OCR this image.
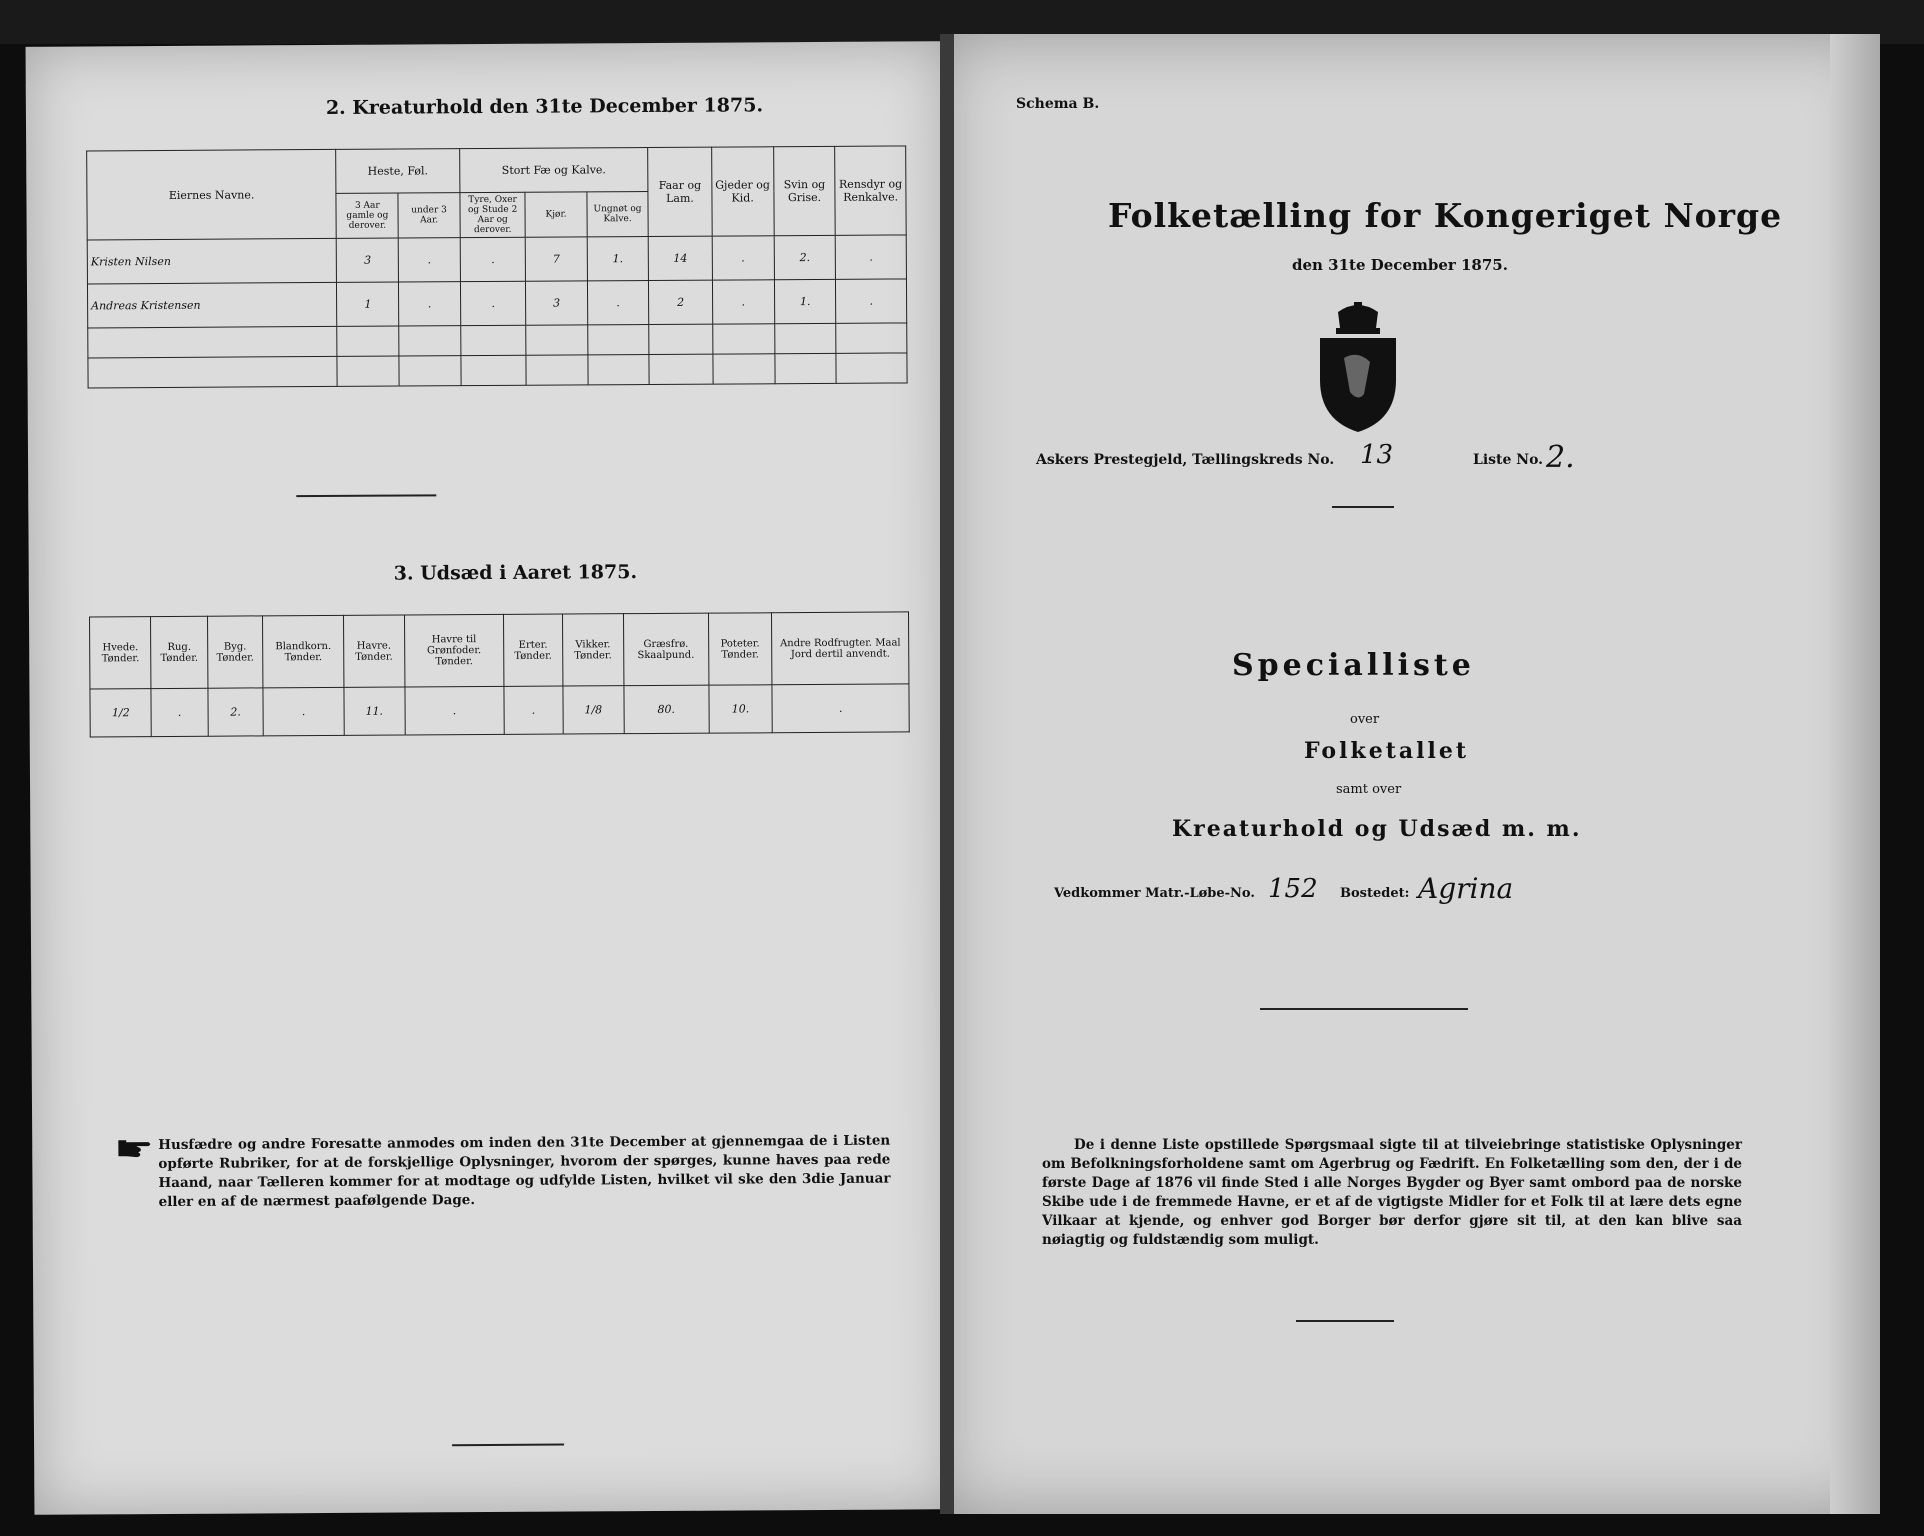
2. Kreaturhold den 31te December 1875.
Eiernes Navne.	Heste, Føl.		Stort Fæ og Kalve.			Faar og Lam.	Gjeder og Kid.	Svin og Grise.	Rensdyr og Renkalve.
	3 Aar gamle og derover.	under 3 Aar.	Tyre, Oxer og Stude 2 Aar og derover.	Kjør.	Ungnøt og Kalve.				
Kristen Nilsen	3	.	.	7	1.	14	.	2.	.
Andreas Kristensen	1	.	.	3	.	2	.	1.	.

3. Udsæd i Aaret 1875.
Hvede. Tønder.	Rug. Tønder.	Byg. Tønder.	Blandkorn. Tønder.	Havre. Tønder.	Havre til Grønfoder. Tønder.	Erter. Tønder.	Vikker. Tønder.	Græsfrø. Skaalpund.	Poteter. Tønder.	Andre Rodfrugter. Maal Jord dertil anvendt.
1/2	.	2.	.	11.	.	.	1/8	80.	10.	.
Husfædre og andre Foresatte anmodes om inden den 31te December at gjennemgaa de i Listen opførte Rubriker, for at de forskjellige Oplysninger, hvorom der spørges, kunne haves paa rede Haand, naar Tælleren kommer for at modtage og udfylde Listen, hvilket vil ske den 3die Januar eller en af de nærmest paafølgende Dage.
Schema B.
Folketælling for Kongeriget Norge
den 31te December 1875.
Askers Prestegjeld, Tællingskreds No. 13	Liste No. 2.
Specialliste
over
Folketallet
samt over
Kreaturhold og Udsæd m. m.
Vedkommer Matr.-Løbe-No. 152 Bostedet: Agrina
De i denne Liste opstillede Spørgsmaal sigte til at tilveiebringe statistiske Oplysninger om Befolkningsforholdene samt om Agerbrug og Fædrift. En Folketælling som den, der i de første Dage af 1876 vil finde Sted i alle Norges Bygder og Byer samt ombord paa de norske Skibe ude i de fremmede Havne, er et af de vigtigste Midler for et Folk til at lære dets egne Vilkaar at kjende, og enhver god Borger bør derfor gjøre sit til, at den kan blive saa nøiagtig og fuldstændig som muligt.
